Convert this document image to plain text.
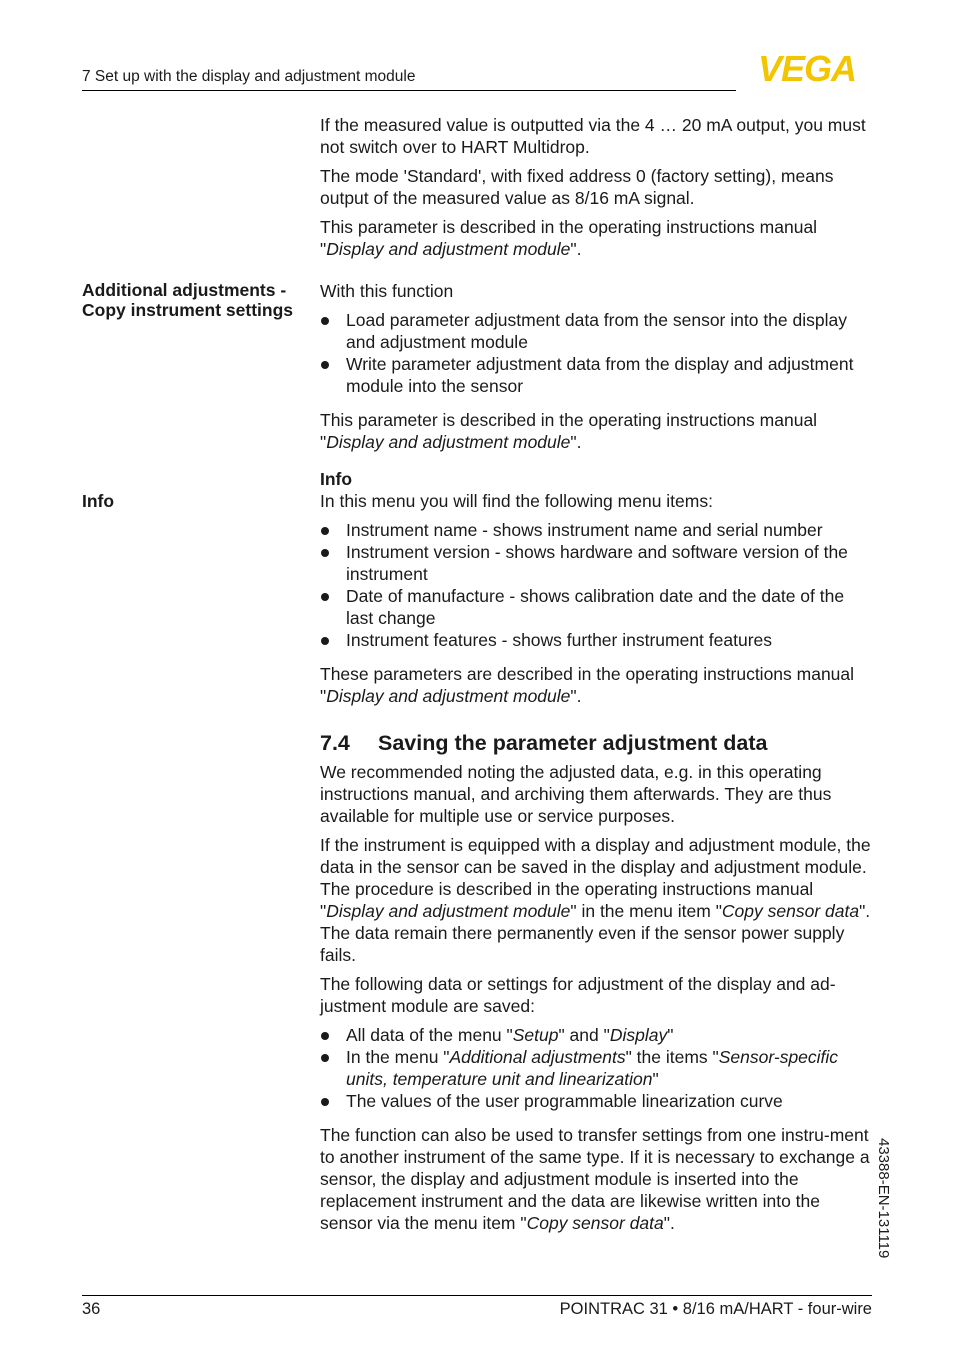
7 Set up with the display and adjustment module	VEGA

If the measured value is outputted via the 4 … 20 mA output, you must not switch over to HART Multidrop.

The mode 'Standard', with fixed address 0 (factory setting), means output of the measured value as 8/16 mA signal.

This parameter is described in the operating instructions manual "Display and adjustment module".

Additional adjustments -
Copy instrument settings

With this function

Load parameter adjustment data from the sensor into the display and adjustment module
Write parameter adjustment data from the display and adjustment module into the sensor

This parameter is described in the operating instructions manual "Display and adjustment module".

Info

Info

In this menu you will find the following menu items:

Instrument name - shows instrument name and serial number
Instrument version - shows hardware and software version of the instrument
Date of manufacture - shows calibration date and the date of the last change
Instrument features - shows further instrument features

These parameters are described in the operating instructions manual "Display and adjustment module".

7.4 Saving the parameter adjustment data

We recommended noting the adjusted data, e.g. in this operating instructions manual, and archiving them afterwards. They are thus available for multiple use or service purposes.

If the instrument is equipped with a display and adjustment module, the data in the sensor can be saved in the display and adjustment module. The procedure is described in the operating instructions manual "Display and adjustment module" in the menu item "Copy sensor data". The data remain there permanently even if the sensor power supply fails.

The following data or settings for adjustment of the display and ad-justment module are saved:

All data of the menu "Setup" and "Display"
In the menu "Additional adjustments" the items "Sensor-specific units, temperature unit and linearization"
The values of the user programmable linearization curve

The function can also be used to transfer settings from one instru-ment to another instrument of the same type. If it is necessary to exchange a sensor, the display and adjustment module is inserted into the replacement instrument and the data are likewise written into the sensor via the menu item "Copy sensor data".	43388-EN-131119
36	POINTRAC 31 • 8/16 mA/HART - four-wire
